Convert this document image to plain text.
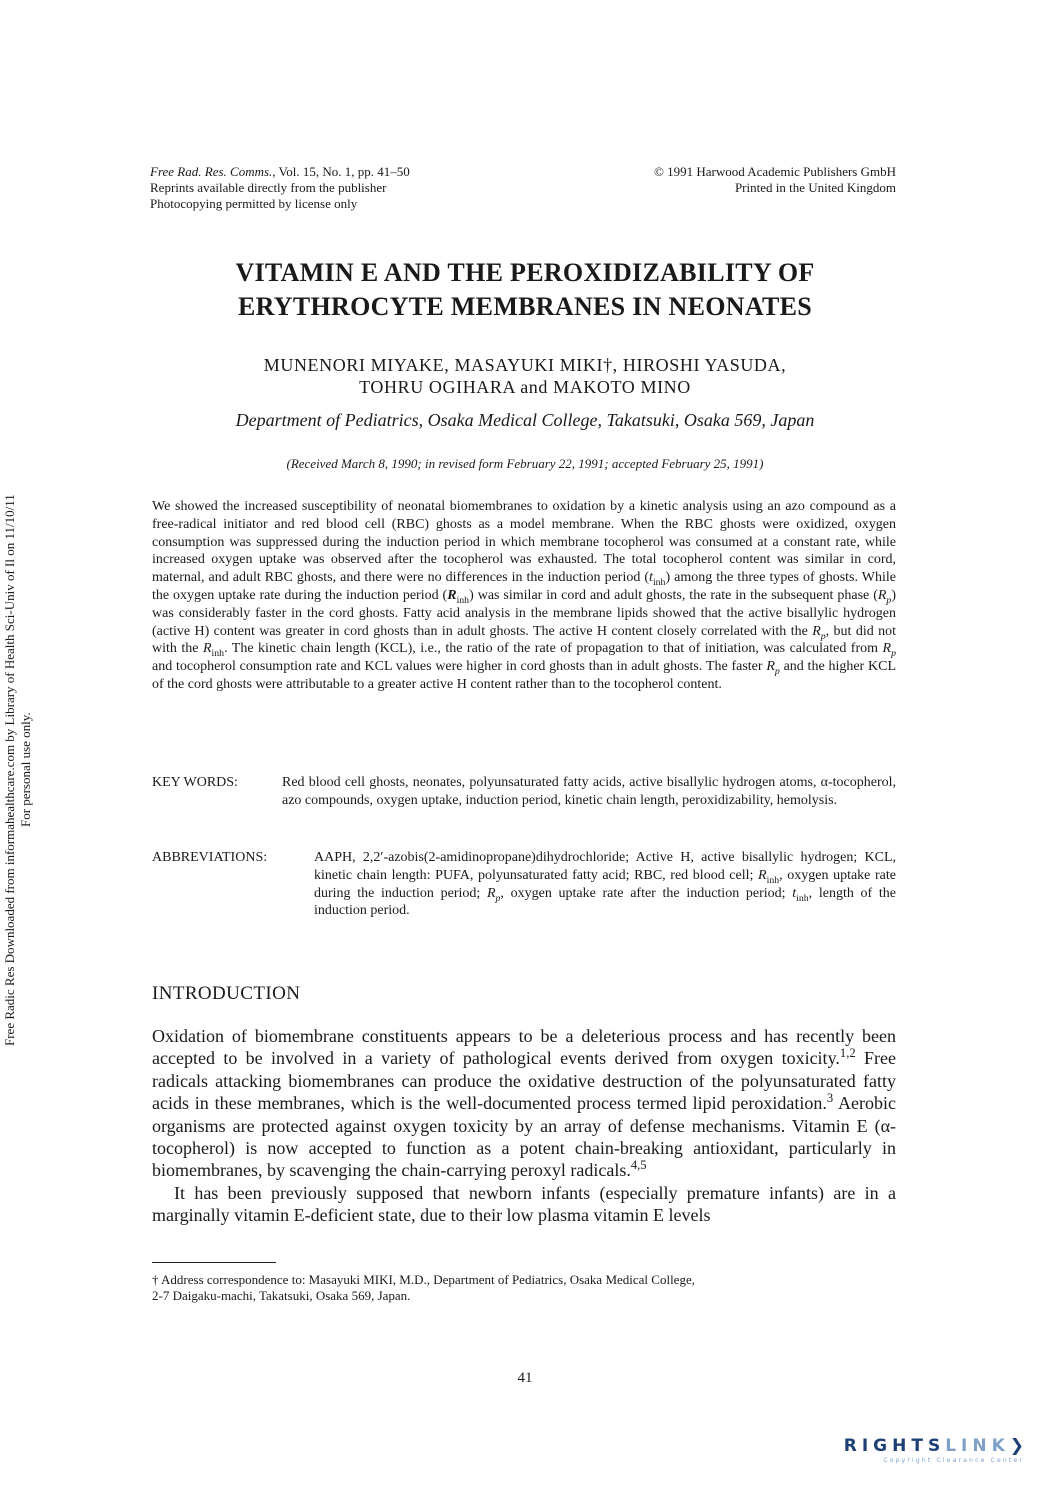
Free Rad. Res. Comms., Vol. 15, No. 1, pp. 41–50
Reprints available directly from the publisher
Photocopying permitted by license only
© 1991 Harwood Academic Publishers GmbH
Printed in the United Kingdom
VITAMIN E AND THE PEROXIDIZABILITY OF
ERYTHROCYTE MEMBRANES IN NEONATES
MUNENORI MIYAKE, MASAYUKI MIKI†, HIROSHI YASUDA,
TOHRU OGIHARA and MAKOTO MINO
Department of Pediatrics, Osaka Medical College, Takatsuki, Osaka 569, Japan
(Received March 8, 1990; in revised form February 22, 1991; accepted February 25, 1991)
We showed the increased susceptibility of neonatal biomembranes to oxidation by a kinetic analysis using an azo compound as a free-radical initiator and red blood cell (RBC) ghosts as a model membrane. When the RBC ghosts were oxidized, oxygen consumption was suppressed during the induction period in which membrane tocopherol was consumed at a constant rate, while increased oxygen uptake was observed after the tocopherol was exhausted. The total tocopherol content was similar in cord, maternal, and adult RBC ghosts, and there were no differences in the induction period $(t_{inh})$ among the three types of ghosts. While the oxygen uptake rate during the induction period $(R_{inh})$ was similar in cord and adult ghosts, the rate in the subsequent phase $(R_p)$ was considerably faster in the cord ghosts. Fatty acid analysis in the membrane lipids showed that the active bisallylic hydrogen (active H) content was greater in cord ghosts than in adult ghosts. The active H content closely correlated with the $R_p$, but did not with the $R_{inh}$. The kinetic chain length (KCL), i.e., the ratio of the rate of propagation to that of initiation, was calculated from $R_p$ and tocopherol consumption rate and KCL values were higher in cord ghosts than in adult ghosts. The faster $R_p$ and the higher KCL of the cord ghosts were attributable to a greater active H content rather than to the tocopherol content.
KEY WORDS:	Red blood cell ghosts, neonates, polyunsaturated fatty acids, active bisallylic hydrogen atoms, α-tocopherol, azo compounds, oxygen uptake, induction period, kinetic chain length, peroxidizability, hemolysis.
ABBREVIATIONS:	AAPH, 2,2′-azobis(2-amidinopropane)dihydrochloride; Active H, active bisallylic hydrogen; KCL, kinetic chain length: PUFA, polyunsaturated fatty acid; RBC, red blood cell; $R_{inh}$, oxygen uptake rate during the induction period; $R_p$, oxygen uptake rate after the induction period; $t_{inh}$, length of the induction period.
INTRODUCTION

Oxidation of biomembrane constituents appears to be a deleterious process and has recently been accepted to be involved in a variety of pathological events derived from oxygen toxicity.$^{1,2}$ Free radicals attacking biomembranes can produce the oxidative destruction of the polyunsaturated fatty acids in these membranes, which is the well-documented process termed lipid peroxidation.$^3$ Aerobic organisms are protected against oxygen toxicity by an array of defense mechanisms. Vitamin E (α-tocopherol) is now accepted to function as a potent chain-breaking antioxidant, particularly in biomembranes, by scavenging the chain-carrying peroxyl radicals.$^{4,5}$

It has been previously supposed that newborn infants (especially premature infants) are in a marginally vitamin E-deficient state, due to their low plasma vitamin E levels

† Address correspondence to: Masayuki MIKI, M.D., Department of Pediatrics, Osaka Medical College,
2-7 Daigaku-machi, Takatsuki, Osaka 569, Japan.
41
Free Radic Res Downloaded from informahealthcare.com by Library of Health Sci-Univ of Il on 11/10/11 For personal use only.
RIGHTSLINK❯
Copyright Clearance Center
